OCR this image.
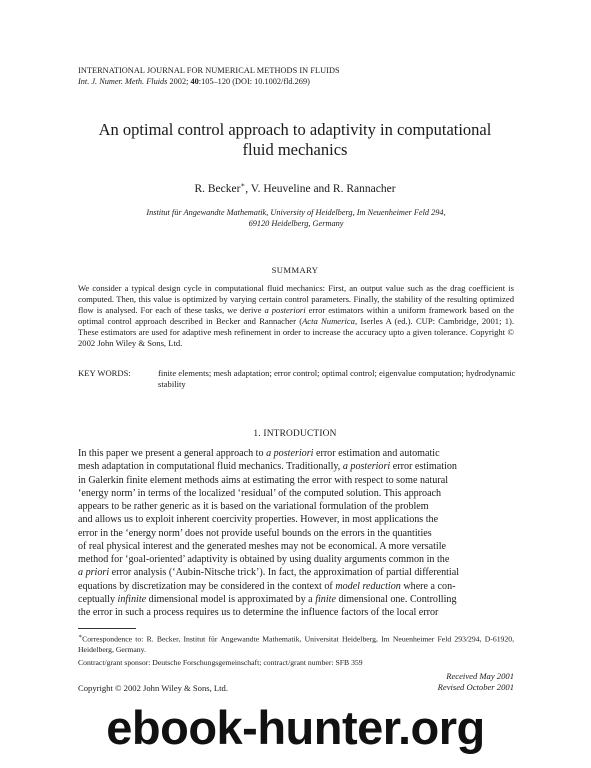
INTERNATIONAL JOURNAL FOR NUMERICAL METHODS IN FLUIDS
Int. J. Numer. Meth. Fluids 2002; 40:105–120 (DOI: 10.1002/fld.269)
An optimal control approach to adaptivity in computational
fluid mechanics
R. Becker∗, V. Heuveline and R. Rannacher
Institut für Angewandte Mathematik, University of Heidelberg, Im Neuenheimer Feld 294,
69120 Heidelberg, Germany
SUMMARY
We consider a typical design cycle in computational fluid mechanics: First, an output value such as the drag coefficient is computed. Then, this value is optimized by varying certain control parameters. Finally, the stability of the resulting optimized flow is analysed. For each of these tasks, we derive a posteriori error estimators within a uniform framework based on the optimal control approach described in Becker and Rannacher (Acta Numerica, Iserles A (ed.). CUP: Cambridge, 2001; 1). These estimators are used for adaptive mesh refinement in order to increase the accuracy upto a given tolerance. Copyright © 2002 John Wiley & Sons, Ltd.
KEY WORDS:	finite elements; mesh adaptation; error control; optimal control; eigenvalue computation; hydrodynamic stability
1. INTRODUCTION
In this paper we present a general approach to a posteriori error estimation and automatic
mesh adaptation in computational fluid mechanics. Traditionally, a posteriori error estimation
in Galerkin finite element methods aims at estimating the error with respect to some natural
‘energy norm’ in terms of the localized ‘residual’ of the computed solution. This approach
appears to be rather generic as it is based on the variational formulation of the problem
and allows us to exploit inherent coercivity properties. However, in most applications the
error in the ‘energy norm’ does not provide useful bounds on the errors in the quantities
of real physical interest and the generated meshes may not be economical. A more versatile
method for ‘goal-oriented’ adaptivity is obtained by using duality arguments common in the
a priori error analysis (‘Aubin-Nitsche trick’). In fact, the approximation of partial differential
equations by discretization may be considered in the context of model reduction where a con-
ceptually infinite dimensional model is approximated by a finite dimensional one. Controlling
the error in such a process requires us to determine the influence factors of the local error
∗Correspondence to: R. Becker, Institut für Angewandte Mathematik, Universitat Heidelberg, Im Neuenheimer Feld 293/294, D-61920, Heidelberg, Germany.
Contract/grant sponsor: Deutsche Forschungsgemeinschaft; contract/grant number: SFB 359
Received May 2001
Revised October 2001
Copyright © 2002 John Wiley & Sons, Ltd.
ebook-hunter.org
